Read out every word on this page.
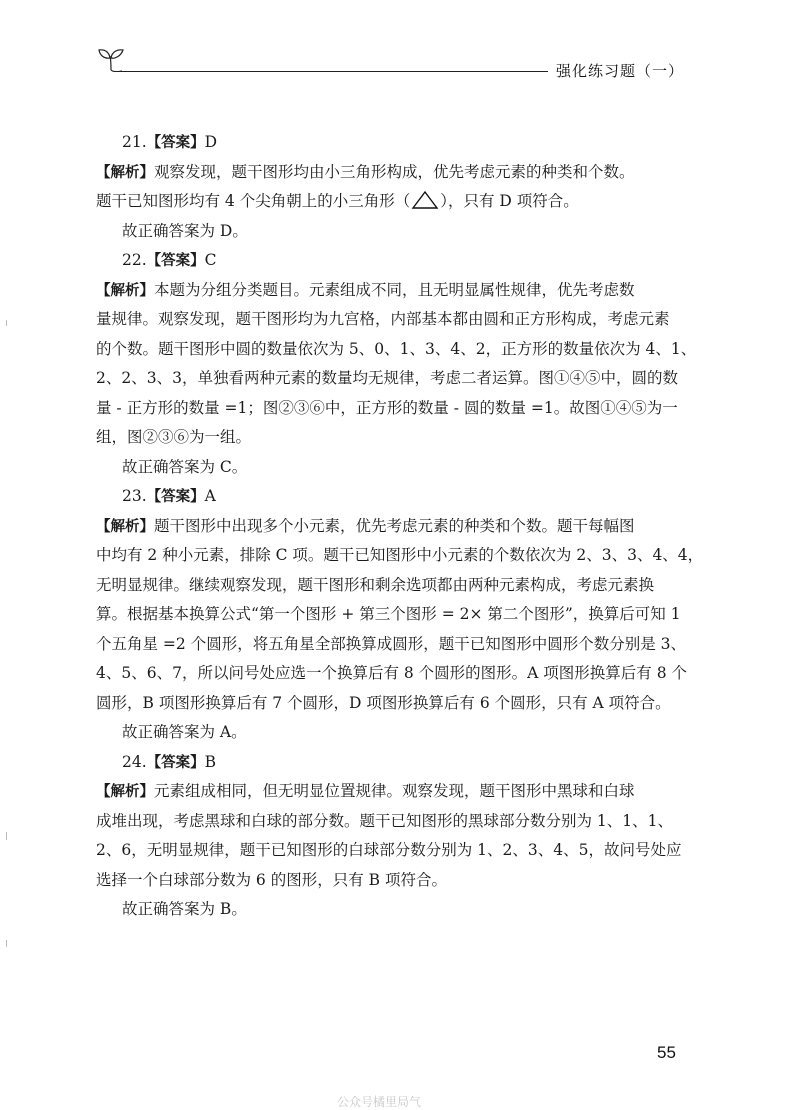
强化练习题（一）
21.【答案】D
【解析】观察发现，题干图形均由小三角形构成，优先考虑元素的种类和个数。
题干已知图形均有 4 个尖角朝上的小三角形（ ），只有 D 项符合。
故正确答案为 D。
22.【答案】C
【解析】本题为分组分类题目。元素组成不同，且无明显属性规律，优先考虑数
量规律。观察发现，题干图形均为九宫格，内部基本都由圆和正方形构成，考虑元素
的个数。题干图形中圆的数量依次为 5、0、1、3、4、2，正方形的数量依次为 4、1、
2、2、3、3，单独看两种元素的数量均无规律，考虑二者运算。图①④⑤中，圆的数
量 - 正方形的数量 =1；图②③⑥中，正方形的数量 - 圆的数量 =1。故图①④⑤为一
组，图②③⑥为一组。
故正确答案为 C。
23.【答案】A
【解析】题干图形中出现多个小元素，优先考虑元素的种类和个数。题干每幅图
中均有 2 种小元素，排除 C 项。题干已知图形中小元素的个数依次为 2、3、3、4、4，
无明显规律。继续观察发现，题干图形和剩余选项都由两种元素构成，考虑元素换
算。根据基本换算公式“第一个图形 + 第三个图形 = 2× 第二个图形”，换算后可知 1
个五角星 =2 个圆形，将五角星全部换算成圆形，题干已知图形中圆形个数分别是 3、
4、5、6、7，所以问号处应选一个换算后有 8 个圆形的图形。A 项图形换算后有 8 个
圆形，B 项图形换算后有 7 个圆形，D 项图形换算后有 6 个圆形，只有 A 项符合。
故正确答案为 A。
24.【答案】B
【解析】元素组成相同，但无明显位置规律。观察发现，题干图形中黑球和白球
成堆出现，考虑黑球和白球的部分数。题干已知图形的黑球部分数分别为 1、1、1、
2、6，无明显规律，题干已知图形的白球部分数分别为 1、2、3、4、5，故问号处应
选择一个白球部分数为 6 的图形，只有 B 项符合。
故正确答案为 B。
55
公众号橘里局气
